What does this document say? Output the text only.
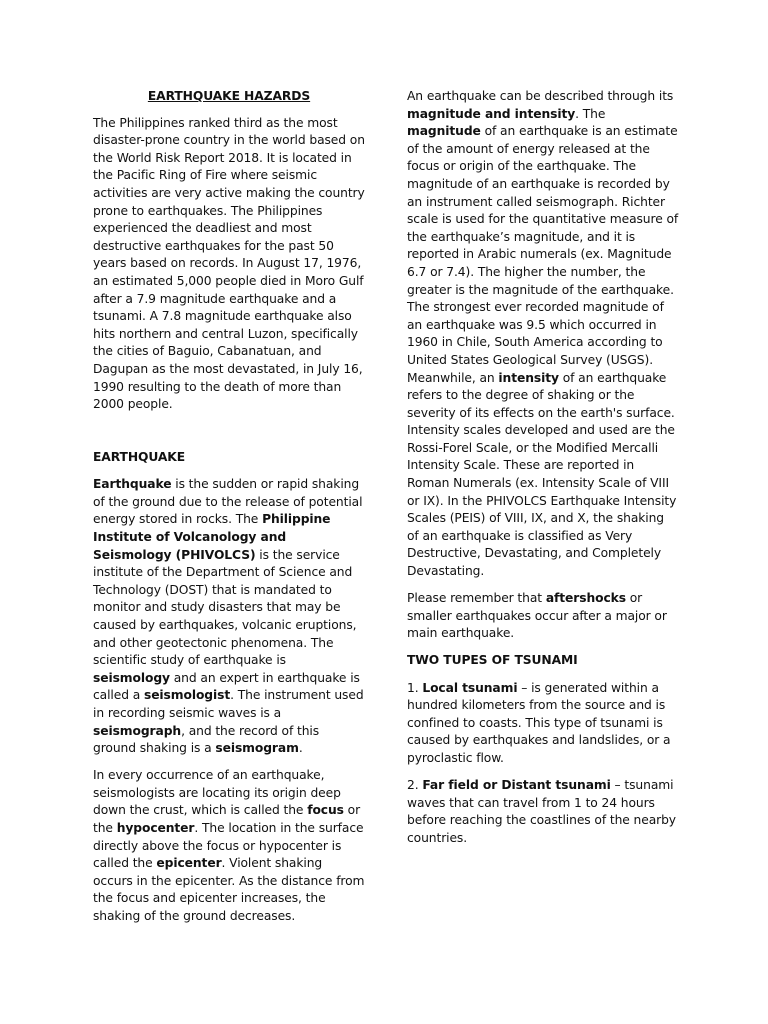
EARTHQUAKE HAZARDS

The Philippines ranked third as the most disaster-prone country in the world based on the World Risk Report 2018. It is located in the Pacific Ring of Fire where seismic activities are very active making the country prone to earthquakes. The Philippines experienced the deadliest and most destructive earthquakes for the past 50 years based on records. In August 17, 1976, an estimated 5,000 people died in Moro Gulf after a 7.9 magnitude earthquake and a tsunami. A 7.8 magnitude earthquake also hits northern and central Luzon, specifically the cities of Baguio, Cabanatuan, and Dagupan as the most devastated, in July 16, 1990 resulting to the death of more than 2000 people.

EARTHQUAKE

Earthquake is the sudden or rapid shaking of the ground due to the release of potential energy stored in rocks. The Philippine Institute of Volcanology and Seismology (PHIVOLCS) is the service institute of the Department of Science and Technology (DOST) that is mandated to monitor and study disasters that may be caused by earthquakes, volcanic eruptions, and other geotectonic phenomena. The scientific study of earthquake is seismology and an expert in earthquake is called a seismologist. The instrument used in recording seismic waves is a seismograph, and the record of this ground shaking is a seismogram.

In every occurrence of an earthquake, seismologists are locating its origin deep down the crust, which is called the focus or the hypocenter. The location in the surface directly above the focus or hypocenter is called the epicenter. Violent shaking occurs in the epicenter. As the distance from the focus and epicenter increases, the shaking of the ground decreases.

An earthquake can be described through its magnitude and intensity. The magnitude of an earthquake is an estimate of the amount of energy released at the focus or origin of the earthquake. The magnitude of an earthquake is recorded by an instrument called seismograph. Richter scale is used for the quantitative measure of the earthquake’s magnitude, and it is reported in Arabic numerals (ex. Magnitude 6.7 or 7.4). The higher the number, the greater is the magnitude of the earthquake. The strongest ever recorded magnitude of an earthquake was 9.5 which occurred in 1960 in Chile, South America according to United States Geological Survey (USGS). Meanwhile, an intensity of an earthquake refers to the degree of shaking or the severity of its effects on the earth's surface. Intensity scales developed and used are the Rossi-Forel Scale, or the Modified Mercalli Intensity Scale. These are reported in Roman Numerals (ex. Intensity Scale of VIII or IX). In the PHIVOLCS Earthquake Intensity Scales (PEIS) of VIII, IX, and X, the shaking of an earthquake is classified as Very Destructive, Devastating, and Completely Devastating.

Please remember that aftershocks or smaller earthquakes occur after a major or main earthquake.

TWO TUPES OF TSUNAMI

1. Local tsunami – is generated within a hundred kilometers from the source and is confined to coasts. This type of tsunami is caused by earthquakes and landslides, or a pyroclastic flow.

2. Far field or Distant tsunami – tsunami waves that can travel from 1 to 24 hours before reaching the coastlines of the nearby countries.
